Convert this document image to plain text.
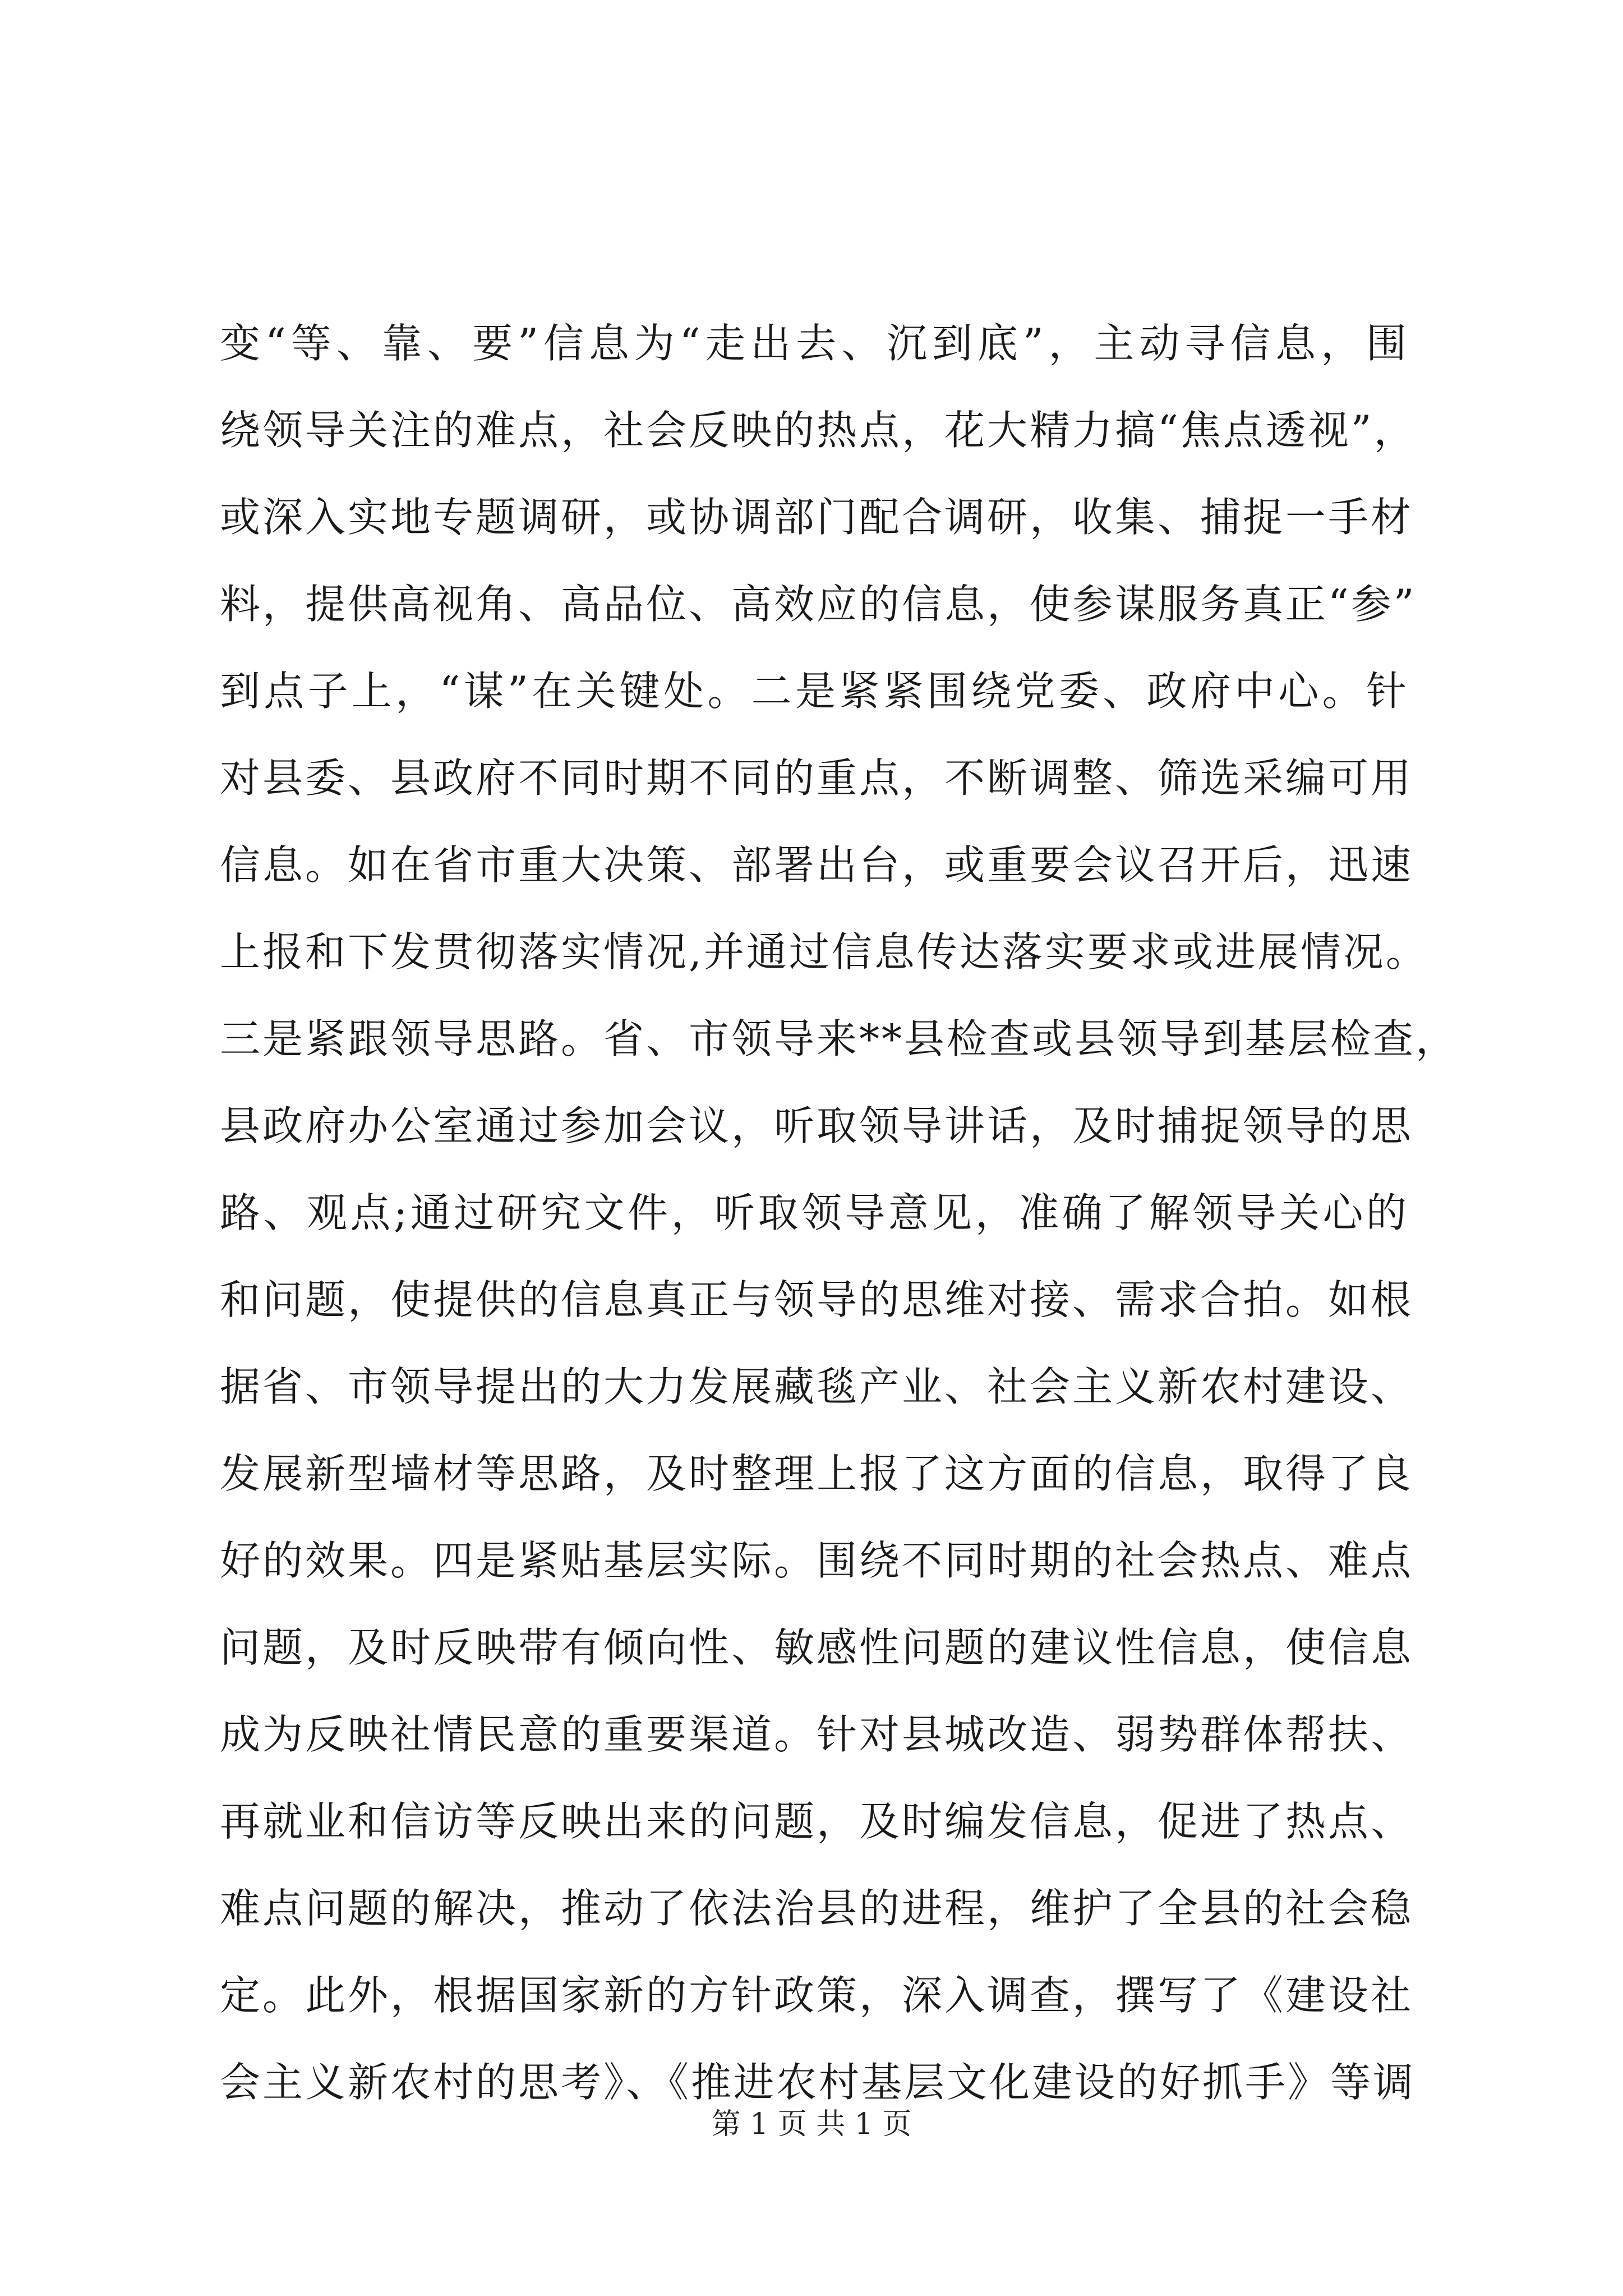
变“等、靠、要”信息为“走出去、沉到底”，主动寻信息，围
绕领导关注的难点，社会反映的热点，花大精力搞“焦点透视”，
或深入实地专题调研，或协调部门配合调研，收集、捕捉一手材
料，提供高视角、高品位、高效应的信息，使参谋服务真正“参”
到点子上，“谋”在关键处。二是紧紧围绕党委、政府中心。针
对县委、县政府不同时期不同的重点，不断调整、筛选采编可用
信息。如在省市重大决策、部署出台，或重要会议召开后，迅速
上报和下发贯彻落实情况,并通过信息传达落实要求或进展情况。
三是紧跟领导思路。省、市领导来**县检查或县领导到基层检查，
县政府办公室通过参加会议，听取领导讲话，及时捕捉领导的思
路、观点;通过研究文件，听取领导意见，准确了解领导关心的
和问题，使提供的信息真正与领导的思维对接、需求合拍。如根
据省、市领导提出的大力发展藏毯产业、社会主义新农村建设、
发展新型墙材等思路，及时整理上报了这方面的信息，取得了良
好的效果。四是紧贴基层实际。围绕不同时期的社会热点、难点
问题，及时反映带有倾向性、敏感性问题的建议性信息，使信息
成为反映社情民意的重要渠道。针对县城改造、弱势群体帮扶、
再就业和信访等反映出来的问题，及时编发信息，促进了热点、
难点问题的解决，推动了依法治县的进程，维护了全县的社会稳
定。此外，根据国家新的方针政策，深入调查，撰写了《建设社
会主义新农村的思考》、《推进农村基层文化建设的好抓手》等调
第 1 页 共 1 页
